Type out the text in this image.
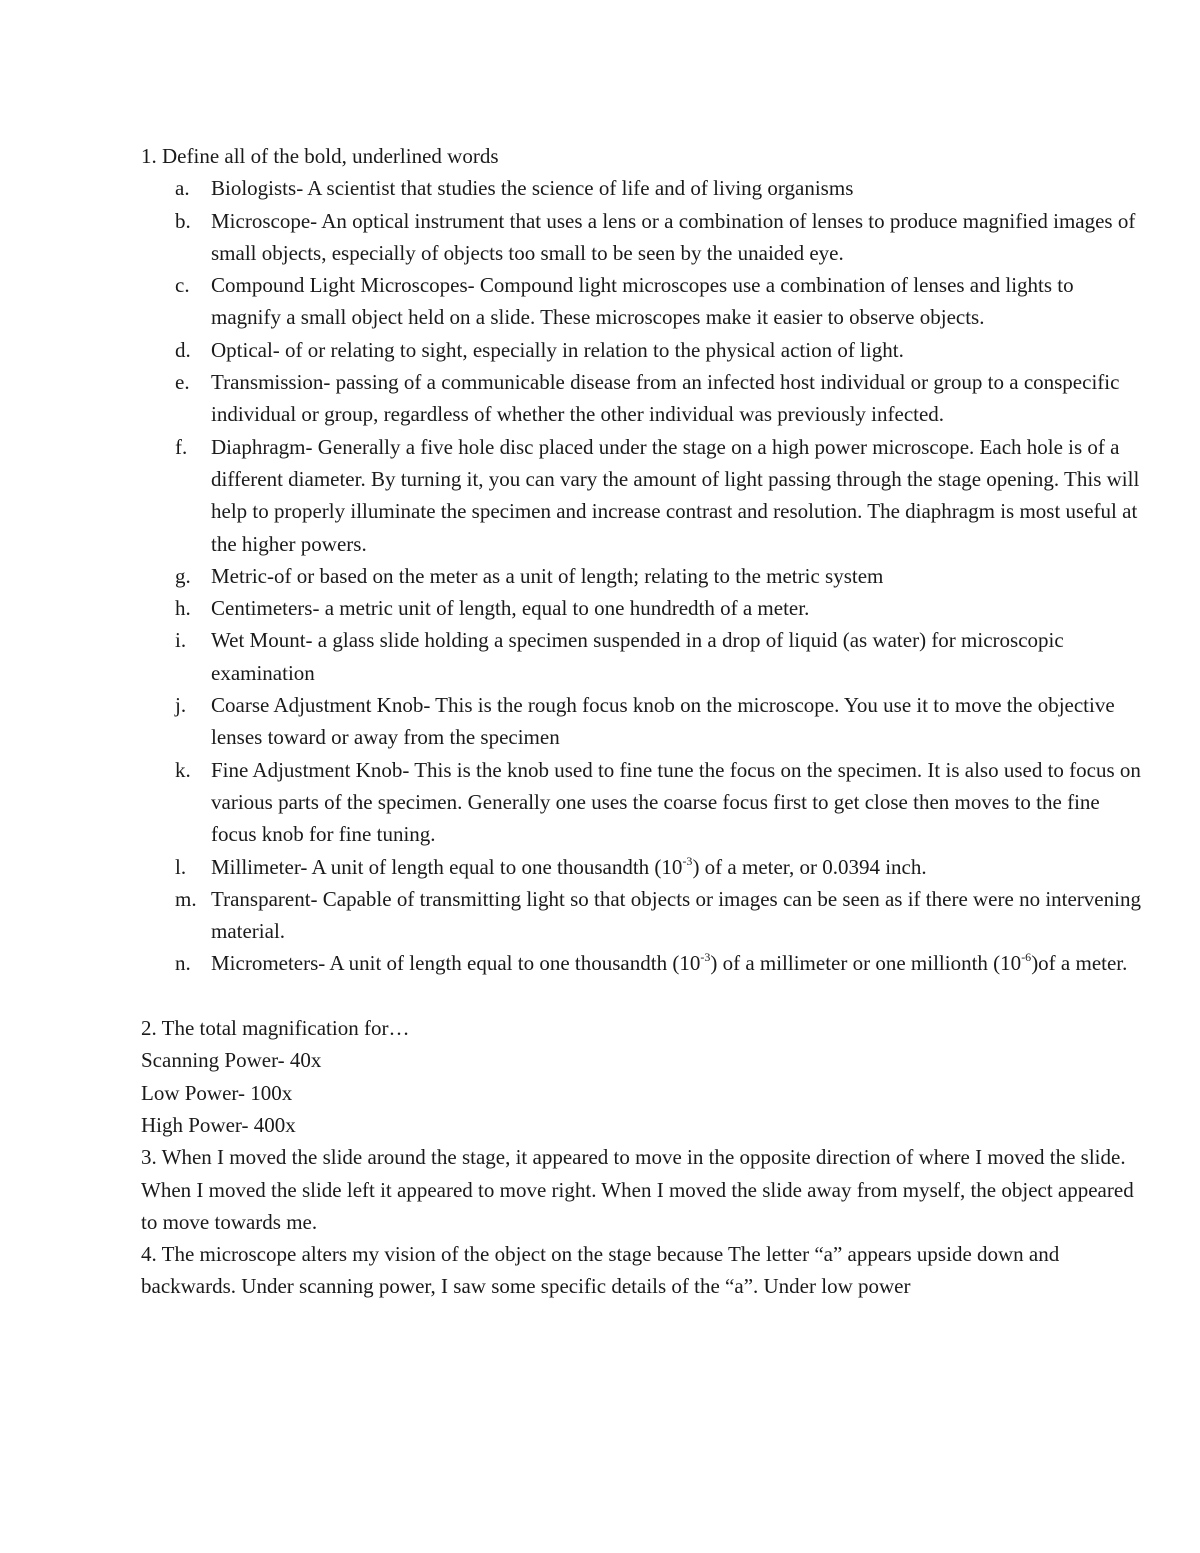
1. Define all of the bold, underlined words

a.	Biologists- A scientist that studies the science of life and of living organisms
b. Microscope- An optical instrument that uses a lens or a combination of lenses to produce magnified images of small objects, especially of objects too small to be seen by the unaided eye.
c.	Compound Light Microscopes- Compound light microscopes use a combination of lenses and lights to magnify a small object held on a slide. These microscopes make it easier to observe objects.
d. Optical- of or relating to sight, especially in relation to the physical action of light.
e.	Transmission- passing of a communicable disease from an infected host individual or group to a conspecific individual or group, regardless of whether the other individual was previously infected.
f.	Diaphragm- Generally a five hole disc placed under the stage on a high power microscope. Each hole is of a different diameter. By turning it, you can vary the amount of light passing through the stage opening. This will help to properly illuminate the specimen and increase contrast and resolution. The diaphragm is most useful at the higher powers.
g. Metric-of or based on the meter as a unit of length; relating to the metric system
h. Centimeters- a metric unit of length, equal to one hundredth of a meter.
i.	Wet Mount- a glass slide holding a specimen suspended in a drop of liquid (as water) for microscopic examination
j.	Coarse Adjustment Knob- This is the rough focus knob on the microscope. You use it to move the objective lenses toward or away from the specimen
k. Fine Adjustment Knob- This is the knob used to fine tune the focus on the specimen. It is also used to focus on various parts of the specimen. Generally one uses the coarse focus first to get close then moves to the fine focus knob for fine tuning.
l.	Millimeter- A unit of length equal to one thousandth $(10^{-3})$ of a meter, or 0.0394 inch.
m. Transparent- Capable of transmitting light so that objects or images can be seen as if there were no intervening material.
n. Micrometers- A unit of length equal to one thousandth $(10^{-3})$ of a millimeter or one millionth $(10^{-6})of$ a meter.

2. The total magnification for…

Scanning Power- 40x

Low Power- 100x

High Power- 400x

3. When I moved the slide around the stage, it appeared to move in the opposite direction of where I moved the slide. When I moved the slide left it appeared to move right. When I moved the slide away from myself, the object appeared to move towards me.

4. The microscope alters my vision of the object on the stage because The letter “a” appears upside down and backwards. Under scanning power, I saw some specific details of the “a”. Under low power
